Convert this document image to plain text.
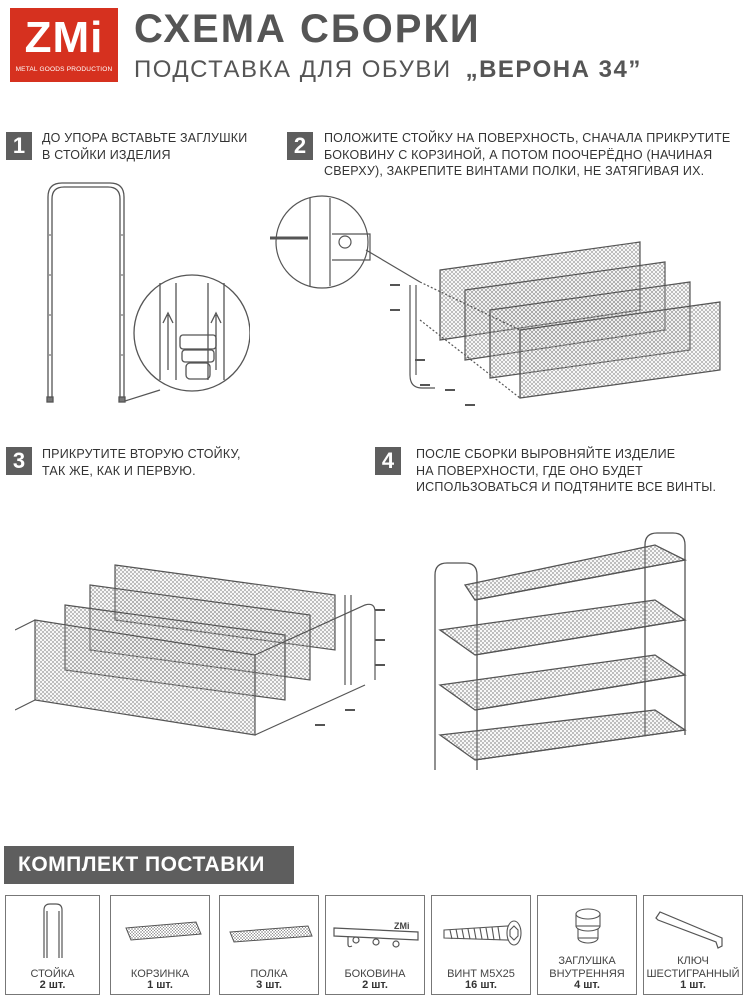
ZMi
METAL GOODS PRODUCTION
СХЕМА СБОРКИ
ПОДСТАВКА ДЛЯ ОБУВИ „ВЕРОНА 34”
1	ДО УПОРА ВСТАВЬТЕ ЗАГЛУШКИ
В СТОЙКИ ИЗДЕЛИЯ	2	ПОЛОЖИТЕ СТОЙКУ НА ПОВЕРХНОСТЬ, СНАЧАЛА ПРИКРУТИТЕ
БОКОВИНУ С КОРЗИНОЙ, А ПОТОМ ПООЧЕРЁДНО (НАЧИНАЯ
СВЕРХУ), ЗАКРЕПИТЕ ВИНТАМИ ПОЛКИ, НЕ ЗАТЯГИВАЯ ИХ.
3	ПРИКРУТИТЕ ВТОРУЮ СТОЙКУ,
ТАК ЖЕ, КАК И ПЕРВУЮ.	4	ПОСЛЕ СБОРКИ ВЫРОВНЯЙТЕ ИЗДЕЛИЕ
НА ПОВЕРХНОСТИ, ГДЕ ОНО БУДЕТ
ИСПОЛЬЗОВАТЬСЯ И ПОДТЯНИТЕ ВСЕ ВИНТЫ.
КОМПЛЕКТ ПОСТАВКИ
СТОЙКА
2 шт.
КОРЗИНКА
1 шт.
ПОЛКА
3 шт.
ZMi
БОКОВИНА
2 шт.
ВИНТ M5X25
16 шт.
ЗАГЛУШКА
ВНУТРЕННЯЯ
4 шт.
КЛЮЧ
ШЕСТИГРАННЫЙ
1 шт.
